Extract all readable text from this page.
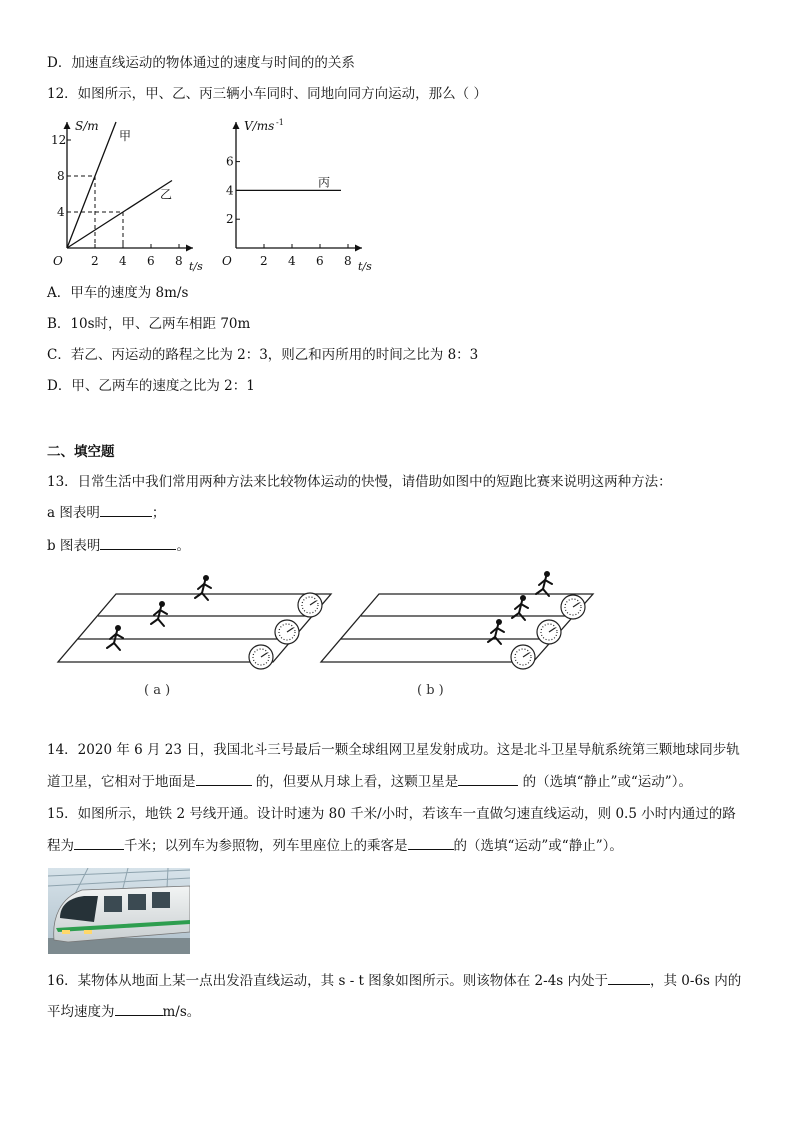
D．加速直线运动的物体通过的速度与时间的的关系
12．如图所示，甲、乙、丙三辆小车同时、同地向同方向运动，那么（ ）
2 4 6 8
4
8
12
O	t/s
S/m
甲
乙
2 4 6 8
2
4
6
O	t/s
V/ms -1
丙
A．甲车的速度为 8m/s
B．10s时，甲、乙两车相距 70m
C．若乙、丙运动的路程之比为 2：3，则乙和丙所用的时间之比为 8：3
D．甲、乙两车的速度之比为 2：1
二、填空题
13．日常生活中我们常用两种方法来比较物体运动的快慢，请借助如图中的短跑比赛来说明这两种方法：
a 图表明	；
b 图表明	。
( a )	( b )
14．2020 年 6 月 23 日，我国北斗三号最后一颗全球组网卫星发射成功。这是北斗卫星导航系统第三颗地球同步轨
道卫星，它相对于地面是	的，但要从月球上看，这颗卫星是	的（选填“静止”或“运动”）。
15．如图所示，地铁 2 号线开通。设计时速为 80 千米/小时，若该车一直做匀速直线运动，则 0.5 小时内通过的路
程为	千米；以列车为参照物，列车里座位上的乘客是	的（选填“运动”或“静止”）。
16．某物体从地面上某一点出发沿直线运动，其 s - t 图象如图所示。则该物体在 2-4s 内处于	，其 0-6s 内的
平均速度为	m/s。
